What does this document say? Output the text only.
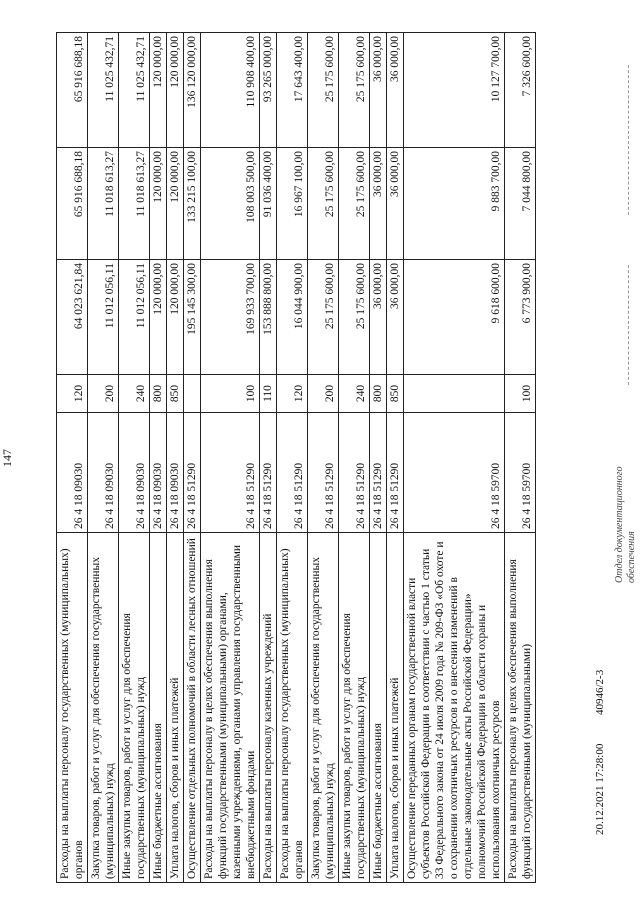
147
Расходы на выплаты персоналу государственных (муниципальных) органов	26 4 18 09030	120	64 023 621,84	65 916 688,18	65 916 688,18
Закупка товаров, работ и услуг для обеспечения государственных (муниципальных) нужд	26 4 18 09030	200	11 012 056,11	11 018 613,27	11 025 432,71
Иные закупки товаров, работ и услуг для обеспечения государственных (муниципальных) нужд	26 4 18 09030	240	11 012 056,11	11 018 613,27	11 025 432,71
Иные бюджетные ассигнования	26 4 18 09030	800	120 000,00	120 000,00	120 000,00
Уплата налогов, сборов и иных платежей	26 4 18 09030	850	120 000,00	120 000,00	120 000,00
Осуществление отдельных полномочий в области лесных отношений	26 4 18 51290		195 145 300,00	133 215 100,00	136 120 000,00
Расходы на выплаты персоналу в целях обеспечения выполнения функций государственными (муниципальными) органами, казенными учреждениями, органами управления государственными внебюджетными фондами	26 4 18 51290	100	169 933 700,00	108 003 500,00	110 908 400,00
Расходы на выплаты персоналу казенных учреждений	26 4 18 51290	110	153 888 800,00	91 036 400,00	93 265 000,00
Расходы на выплаты персоналу государственных (муниципальных) органов	26 4 18 51290	120	16 044 900,00	16 967 100,00	17 643 400,00
Закупка товаров, работ и услуг для обеспечения государственных (муниципальных) нужд	26 4 18 51290	200	25 175 600,00	25 175 600,00	25 175 600,00
Иные закупки товаров, работ и услуг для обеспечения государственных (муниципальных) нужд	26 4 18 51290	240	25 175 600,00	25 175 600,00	25 175 600,00
Иные бюджетные ассигнования	26 4 18 51290	800	36 000,00	36 000,00	36 000,00
Уплата налогов, сборов и иных платежей	26 4 18 51290	850	36 000,00	36 000,00	36 000,00
Осуществление переданных органам государственной власти субъектов Российской Федерации в соответствии с частью 1 статьи 33 Федерального закона от 24 июля 2009 года № 209-ФЗ «Об охоте и о сохранении охотничьих ресурсов и о внесении изменений в отдельные законодательные акты Российской Федерации» полномочий Российской Федерации в области охраны и использования охотничьих ресурсов	26 4 18 59700		9 618 600,00	9 883 700,00	10 127 700,00
Расходы на выплаты персоналу в целях обеспечения выполнения функций государственными (муниципальными)	26 4 18 59700	100	6 773 900,00	7 044 800,00	7 326 600,00
20.12.2021 17:28:00
40946/2-3
Отдел документационного обеспечения
